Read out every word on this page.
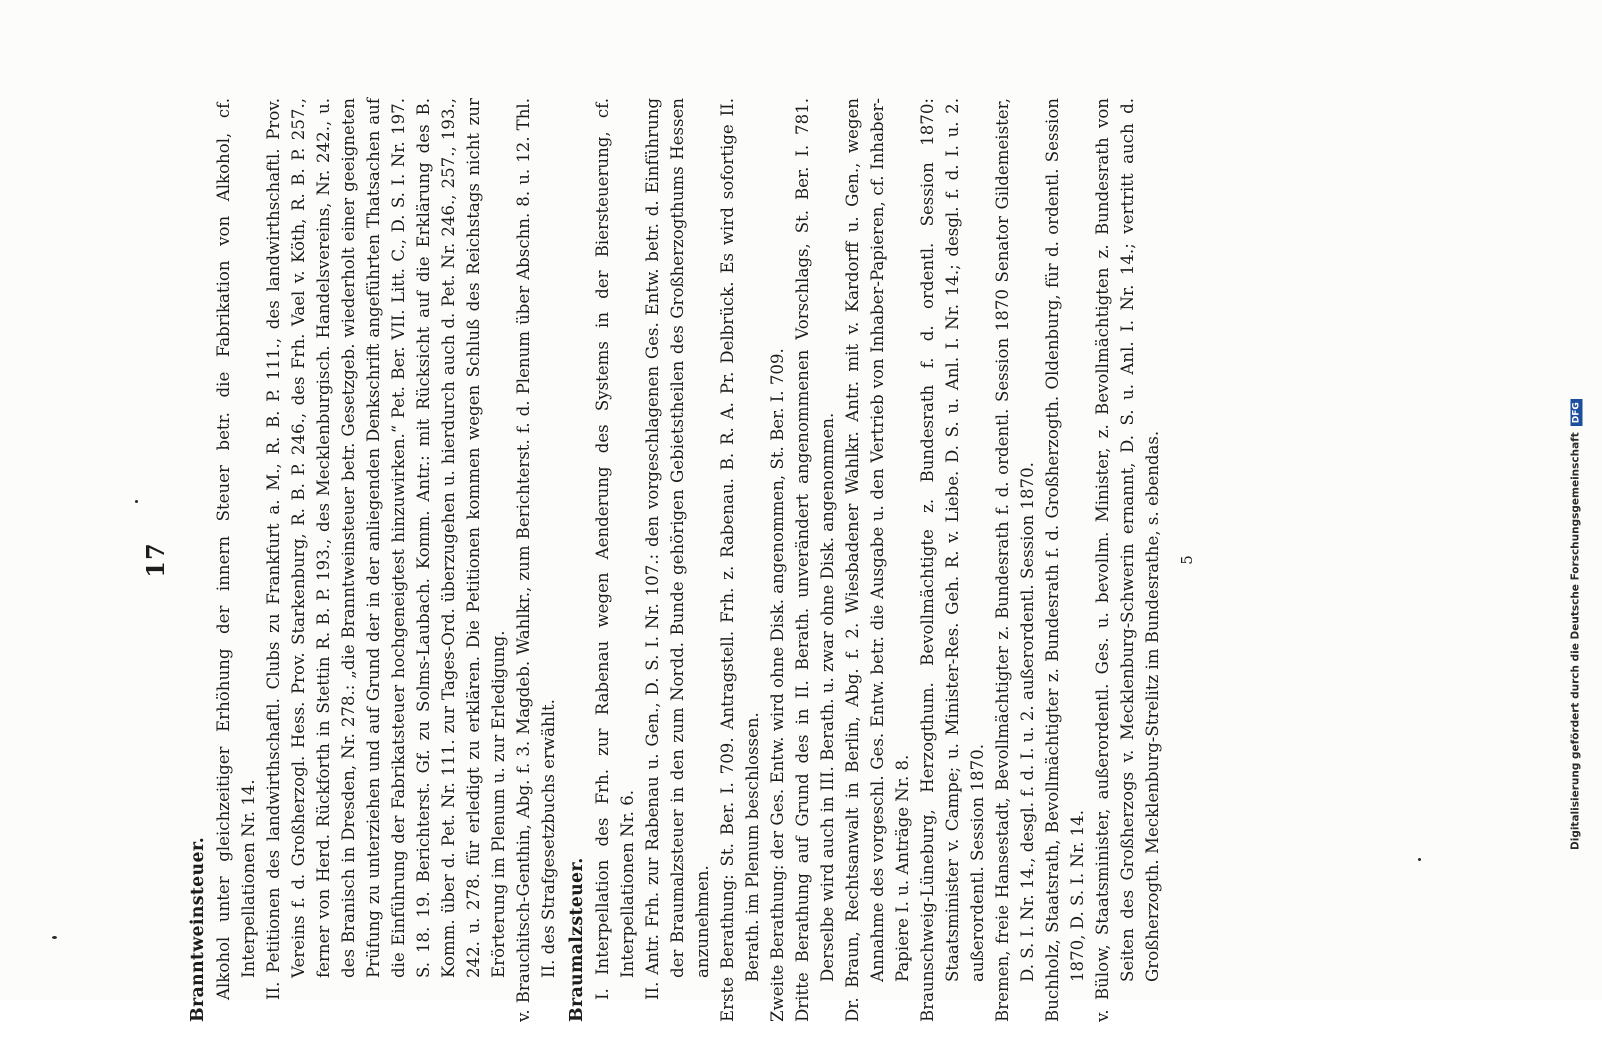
17
Branntweinsteuer. Alkohol unter gleichzeitiger Erhöhung der innern Steuer betr. die Fabrikation von Alkohol, cf. Interpellationen Nr. 14. II. Petitionen des landwirthschaftl. Clubs zu Frankfurt a. M., R. B. P. 111., des landwirthschaftl. Prov. Vereins f. d. Großherzogl. Hess. Prov. Starkenburg, R. B. P. 246., des Frh. Vael v. Köth, R. B. P. 257., ferner von Herd. Rückforth in Stettin R. B. P. 193., des Mecklenburgisch. Handelsvereins, Nr. 242., u. des Branisch in Dresden, Nr. 278.: „die Branntweinsteuer betr. Gesetzgeb. wiederholt einer geeigneten Prüfung zu unterziehen und auf Grund der in der anliegenden Denkschrift angeführten Thatsachen auf die Einführung der Fabrikatsteuer hochgeneigtest hinzuwirken.“ Pet. Ber. VII. Litt. C., D. S. I. Nr. 197. S. 18. 19. Berichterst. Gf. zu Solms-Laubach. Komm. Antr.: mit Rücksicht auf die Erklärung des B. Komm. über d. Pet. Nr. 111. zur Tages-Ord. überzugehen u. hierdurch auch d. Pet. Nr. 246., 257., 193., 242. u. 278. für erledigt zu erklären. Die Petitionen kommen wegen Schluß des Reichstags nicht zur Erörterung im Plenum u. zur Erledigung. v. Brauchitsch-Genthin, Abg. f. 3. Magdeb. Wahlkr., zum Berichterst. f. d. Plenum über Abschn. 8. u. 12. Thl. II. des Strafgesetzbuchs erwählt. Braumalzsteuer. I. Interpellation des Frh. zur Rabenau wegen Aenderung des Systems in der Biersteuerung, cf. Interpellationen Nr. 6. II. Antr. Frh. zur Rabenau u. Gen., D. S. I. Nr. 107.: den vorgeschlagenen Ges. Entw. betr. d. Einführung der Braumalzsteuer in den zum Nordd. Bunde gehörigen Gebietstheilen des Großherzogthums Hessen anzunehmen. Erste Berathung: St. Ber. I. 709. Antragstell. Frh. z. Rabenau. B. R. A. Pr. Delbrück. Es wird sofortige II. Berath. im Plenum beschlossen. Zweite Berathung: der Ges. Entw. wird ohne Disk. angenommen, St. Ber. I. 709. Dritte Berathung auf Grund des in II. Berath. unverändert angenommenen Vorschlags, St. Ber. I. 781. Derselbe wird auch in III. Berath. u. zwar ohne Disk. angenommen. Dr. Braun, Rechtsanwalt in Berlin, Abg. f. 2. Wiesbadener Wahlkr. Antr. mit v. Kardorff u. Gen., wegen Annahme des vorgeschl. Ges. Entw. betr. die Ausgabe u. den Vertrieb von Inhaber-Papieren, cf. Inhaber-Papiere I. u. Anträge Nr. 8. Braunschweig-Lüneburg, Herzogthum. Bevollmächtigte z. Bundesrath f. d. ordentl. Session 1870: Staatsminister v. Campe; u. Minister-Res. Geh. R. v. Liebe. D. S. u. Anl. I. Nr. 14.; desgl. f. d. I. u. 2. außerordentl. Session 1870. Bremen, freie Hansestadt, Bevollmächtigter z. Bundesrath f. d. ordentl. Session 1870 Senator Gildemeister, D. S. I. Nr. 14., desgl. f. d. I. u. 2. außerordentl. Session 1870. Buchholz, Staatsrath, Bevollmächtigter z. Bundesrath f. d. Großherzogth. Oldenburg, für d. ordentl. Session 1870, D. S. I. Nr. 14. v. Bülow, Staatsminister, außerordentl. Ges. u. bevollm. Minister, z. Bevollmächtigten z. Bundesrath von Seiten des Großherzogs v. Mecklenburg-Schwerin ernannt, D. S. u. Anl. I. Nr. 14.; vertritt auch d. Großherzogth. Mecklenburg-Strelitz im Bundesrathe, s. ebendas. 5	Digitalisierung gefördert durch die Deutsche ForschungsgemeinschaftDFG
